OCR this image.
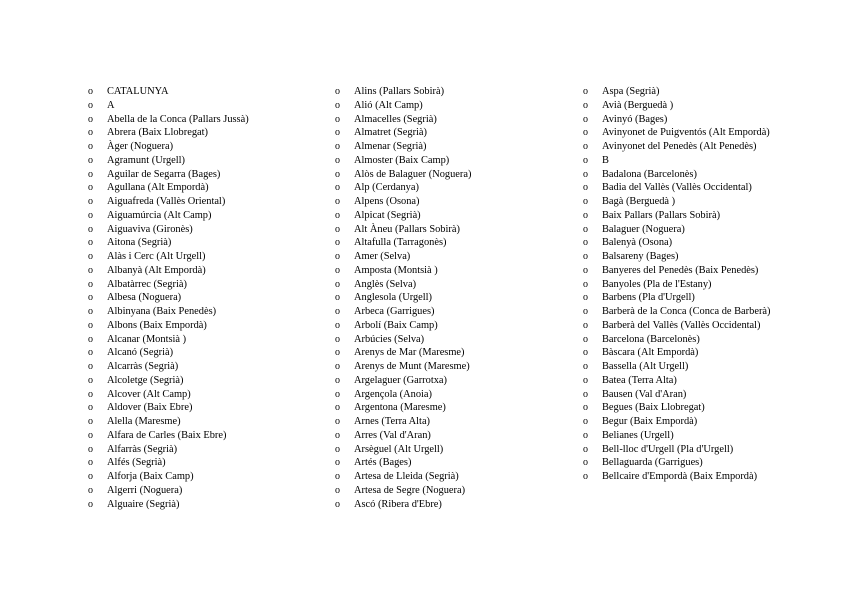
o	CATALUNYA
o	A
o	Abella de la Conca (Pallars Jussà)
o	Abrera (Baix Llobregat)
o	Àger (Noguera)
o	Agramunt (Urgell)
o	Aguilar de Segarra (Bages)
o	Agullana (Alt Empordà)
o	Aiguafreda (Vallès Oriental)
o	Aiguamúrcia (Alt Camp)
o	Aiguaviva (Gironès)
o	Aitona (Segrià)
o	Alàs i Cerc (Alt Urgell)
o	Albanyà (Alt Empordà)
o	Albatàrrec (Segrià)
o	Albesa (Noguera)
o	Albinyana (Baix Penedès)
o	Albons (Baix Empordà)
o	Alcanar (Montsià )
o	Alcanó (Segrià)
o	Alcarràs (Segrià)
o	Alcoletge (Segrià)
o	Alcover (Alt Camp)
o	Aldover (Baix Ebre)
o	Alella (Maresme)
o	Alfara de Carles (Baix Ebre)
o	Alfarràs (Segrià)
o	Alfés (Segrià)
o	Alforja (Baix Camp)
o	Algerri (Noguera)
o	Alguaire (Segrià)
o	Alins (Pallars Sobirà)
o	Alió (Alt Camp)
o	Almacelles (Segrià)
o	Almatret (Segrià)
o	Almenar (Segrià)
o	Almoster (Baix Camp)
o	Alòs de Balaguer (Noguera)
o	Alp (Cerdanya)
o	Alpens (Osona)
o	Alpicat (Segrià)
o	Alt Àneu (Pallars Sobirà)
o	Altafulla (Tarragonès)
o	Amer (Selva)
o	Amposta (Montsià )
o	Anglès (Selva)
o	Anglesola (Urgell)
o	Arbeca (Garrigues)
o	Arbolí (Baix Camp)
o	Arbúcies (Selva)
o	Arenys de Mar (Maresme)
o	Arenys de Munt (Maresme)
o	Argelaguer (Garrotxa)
o	Argençola (Anoia)
o	Argentona (Maresme)
o	Arnes (Terra Alta)
o	Arres (Val d'Aran)
o	Arsèguel (Alt Urgell)
o	Artés (Bages)
o	Artesa de Lleida (Segrià)
o	Artesa de Segre (Noguera)
o	Ascó (Ribera d'Ebre)
o	Aspa (Segrià)
o	Avià (Berguedà )
o	Avinyó (Bages)
o	Avinyonet de Puigventós (Alt Empordà)
o	Avinyonet del Penedès (Alt Penedès)
o	B
o	Badalona (Barcelonès)
o	Badia del Vallès (Vallès Occidental)
o	Bagà (Berguedà )
o	Baix Pallars (Pallars Sobirà)
o	Balaguer (Noguera)
o	Balenyà (Osona)
o	Balsareny (Bages)
o	Banyeres del Penedès (Baix Penedès)
o	Banyoles (Pla de l'Estany)
o	Barbens (Pla d'Urgell)
o	Barberà de la Conca (Conca de Barberà)
o	Barberà del Vallès (Vallès Occidental)
o	Barcelona (Barcelonès)
o	Bàscara (Alt Empordà)
o	Bassella (Alt Urgell)
o	Batea (Terra Alta)
o	Bausen (Val d'Aran)
o	Begues (Baix Llobregat)
o	Begur (Baix Empordà)
o	Belianes (Urgell)
o	Bell-lloc d'Urgell (Pla d'Urgell)
o	Bellaguarda (Garrigues)
o	Bellcaire d'Empordà (Baix Empordà)
